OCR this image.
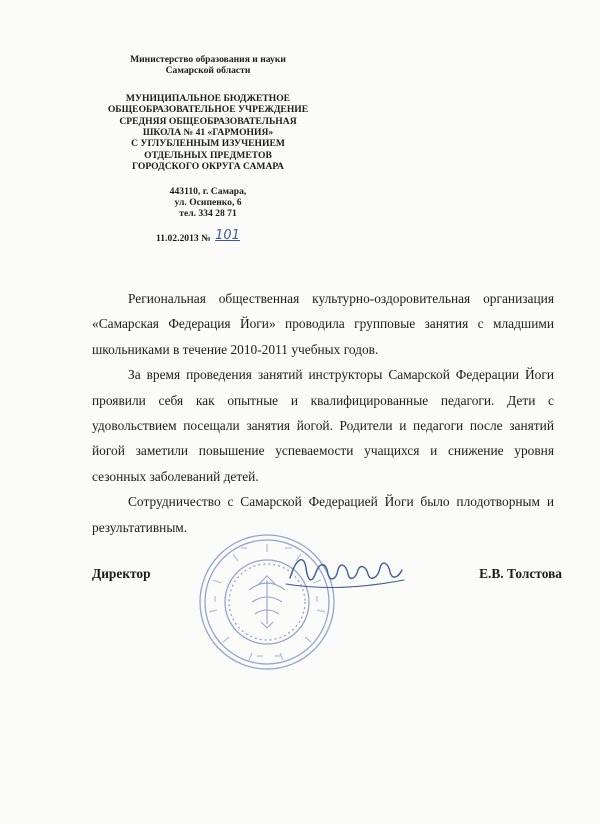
Министерство образования и науки
Самарской области
МУНИЦИПАЛЬНОЕ БЮДЖЕТНОЕ
ОБЩЕОБРАЗОВАТЕЛЬНОЕ УЧРЕЖДЕНИЕ
СРЕДНЯЯ ОБЩЕОБРАЗОВАТЕЛЬНАЯ
ШКОЛА № 41 «ГАРМОНИЯ»
С УГЛУБЛЕННЫМ ИЗУЧЕНИЕМ
ОТДЕЛЬНЫХ ПРЕДМЕТОВ
ГОРОДСКОГО ОКРУГА САМАРА
443110, г. Самара,
ул. Осипенко, 6
тел. 334 28 71
11.02.2013 № 101

Региональная общественная культурно-оздоровительная организация «Самарская Федерация Йоги» проводила групповые занятия с младшими школьниками в течение 2010-2011 учебных годов.

За время проведения занятий инструкторы Самарской Федерации Йоги проявили себя как опытные и квалифицированные педагоги. Дети с удовольствием посещали занятия йогой. Родители и педагоги после занятий йогой заметили повышение успеваемости учащихся и снижение уровня сезонных заболеваний детей.

Сотрудничество с Самарской Федерацией Йоги было плодотворным и результативным.

Директор	Е.В. Толстова
